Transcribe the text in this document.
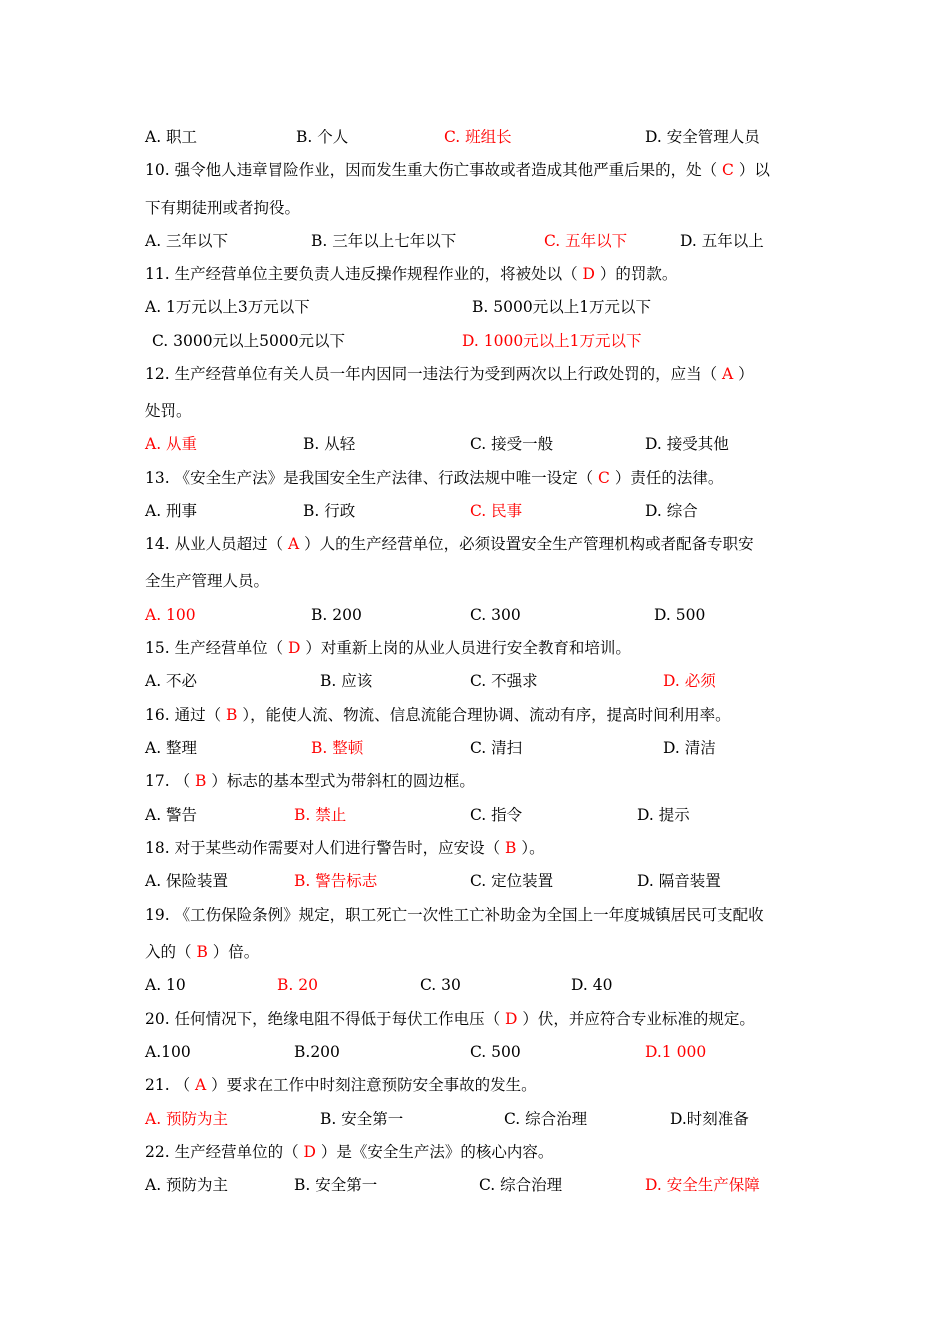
A. 职工	B. 个人	C. 班组长	D. 安全管理人员
10. 强令他人违章冒险作业，因而发生重大伤亡事故或者造成其他严重后果的，处（ C ）以
下有期徒刑或者拘役。
A. 三年以下	B. 三年以上七年以下	C. 五年以下	D. 五年以上
11. 生产经营单位主要负责人违反操作规程作业的，将被处以（ D ）的罚款。
A. 1万元以上3万元以下	B. 5000元以上1万元以下
C. 3000元以上5000元以下	D. 1000元以上1万元以下
12. 生产经营单位有关人员一年内因同一违法行为受到两次以上行政处罚的，应当（ A ）
处罚。
A. 从重	B. 从轻	C. 接受一般	D. 接受其他
13. 《安全生产法》是我国安全生产法律、行政法规中唯一设定（ C ）责任的法律。
A. 刑事	B. 行政	C. 民事	D. 综合
14. 从业人员超过（ A ）人的生产经营单位，必须设置安全生产管理机构或者配备专职安
全生产管理人员。
A. 100	B. 200	C. 300	D. 500
15. 生产经营单位（ D ）对重新上岗的从业人员进行安全教育和培训。
A. 不必	B. 应该	C. 不强求	D. 必须
16. 通过（ B ），能使人流、物流、信息流能合理协调、流动有序，提高时间利用率。
A. 整理	B. 整顿	C. 清扫	D. 清洁
17. （ B ）标志的基本型式为带斜杠的圆边框。
A. 警告	B. 禁止	C. 指令	D. 提示
18. 对于某些动作需要对人们进行警告时，应安设（ B ）。
A. 保险装置	B. 警告标志	C. 定位装置	D. 隔音装置
19. 《工伤保险条例》规定，职工死亡一次性工亡补助金为全国上一年度城镇居民可支配收
入的（ B ）倍。
A. 10	B. 20	C. 30	D. 40
20. 任何情况下，绝缘电阻不得低于每伏工作电压（ D ）伏，并应符合专业标准的规定。
A.100	B.200	C. 500	D.1 000
21. （ A ）要求在工作中时刻注意预防安全事故的发生。
A. 预防为主	B. 安全第一	C. 综合治理	D.时刻准备
22. 生产经营单位的（ D ）是《安全生产法》的核心内容。
A. 预防为主	B. 安全第一	C. 综合治理	D. 安全生产保障
